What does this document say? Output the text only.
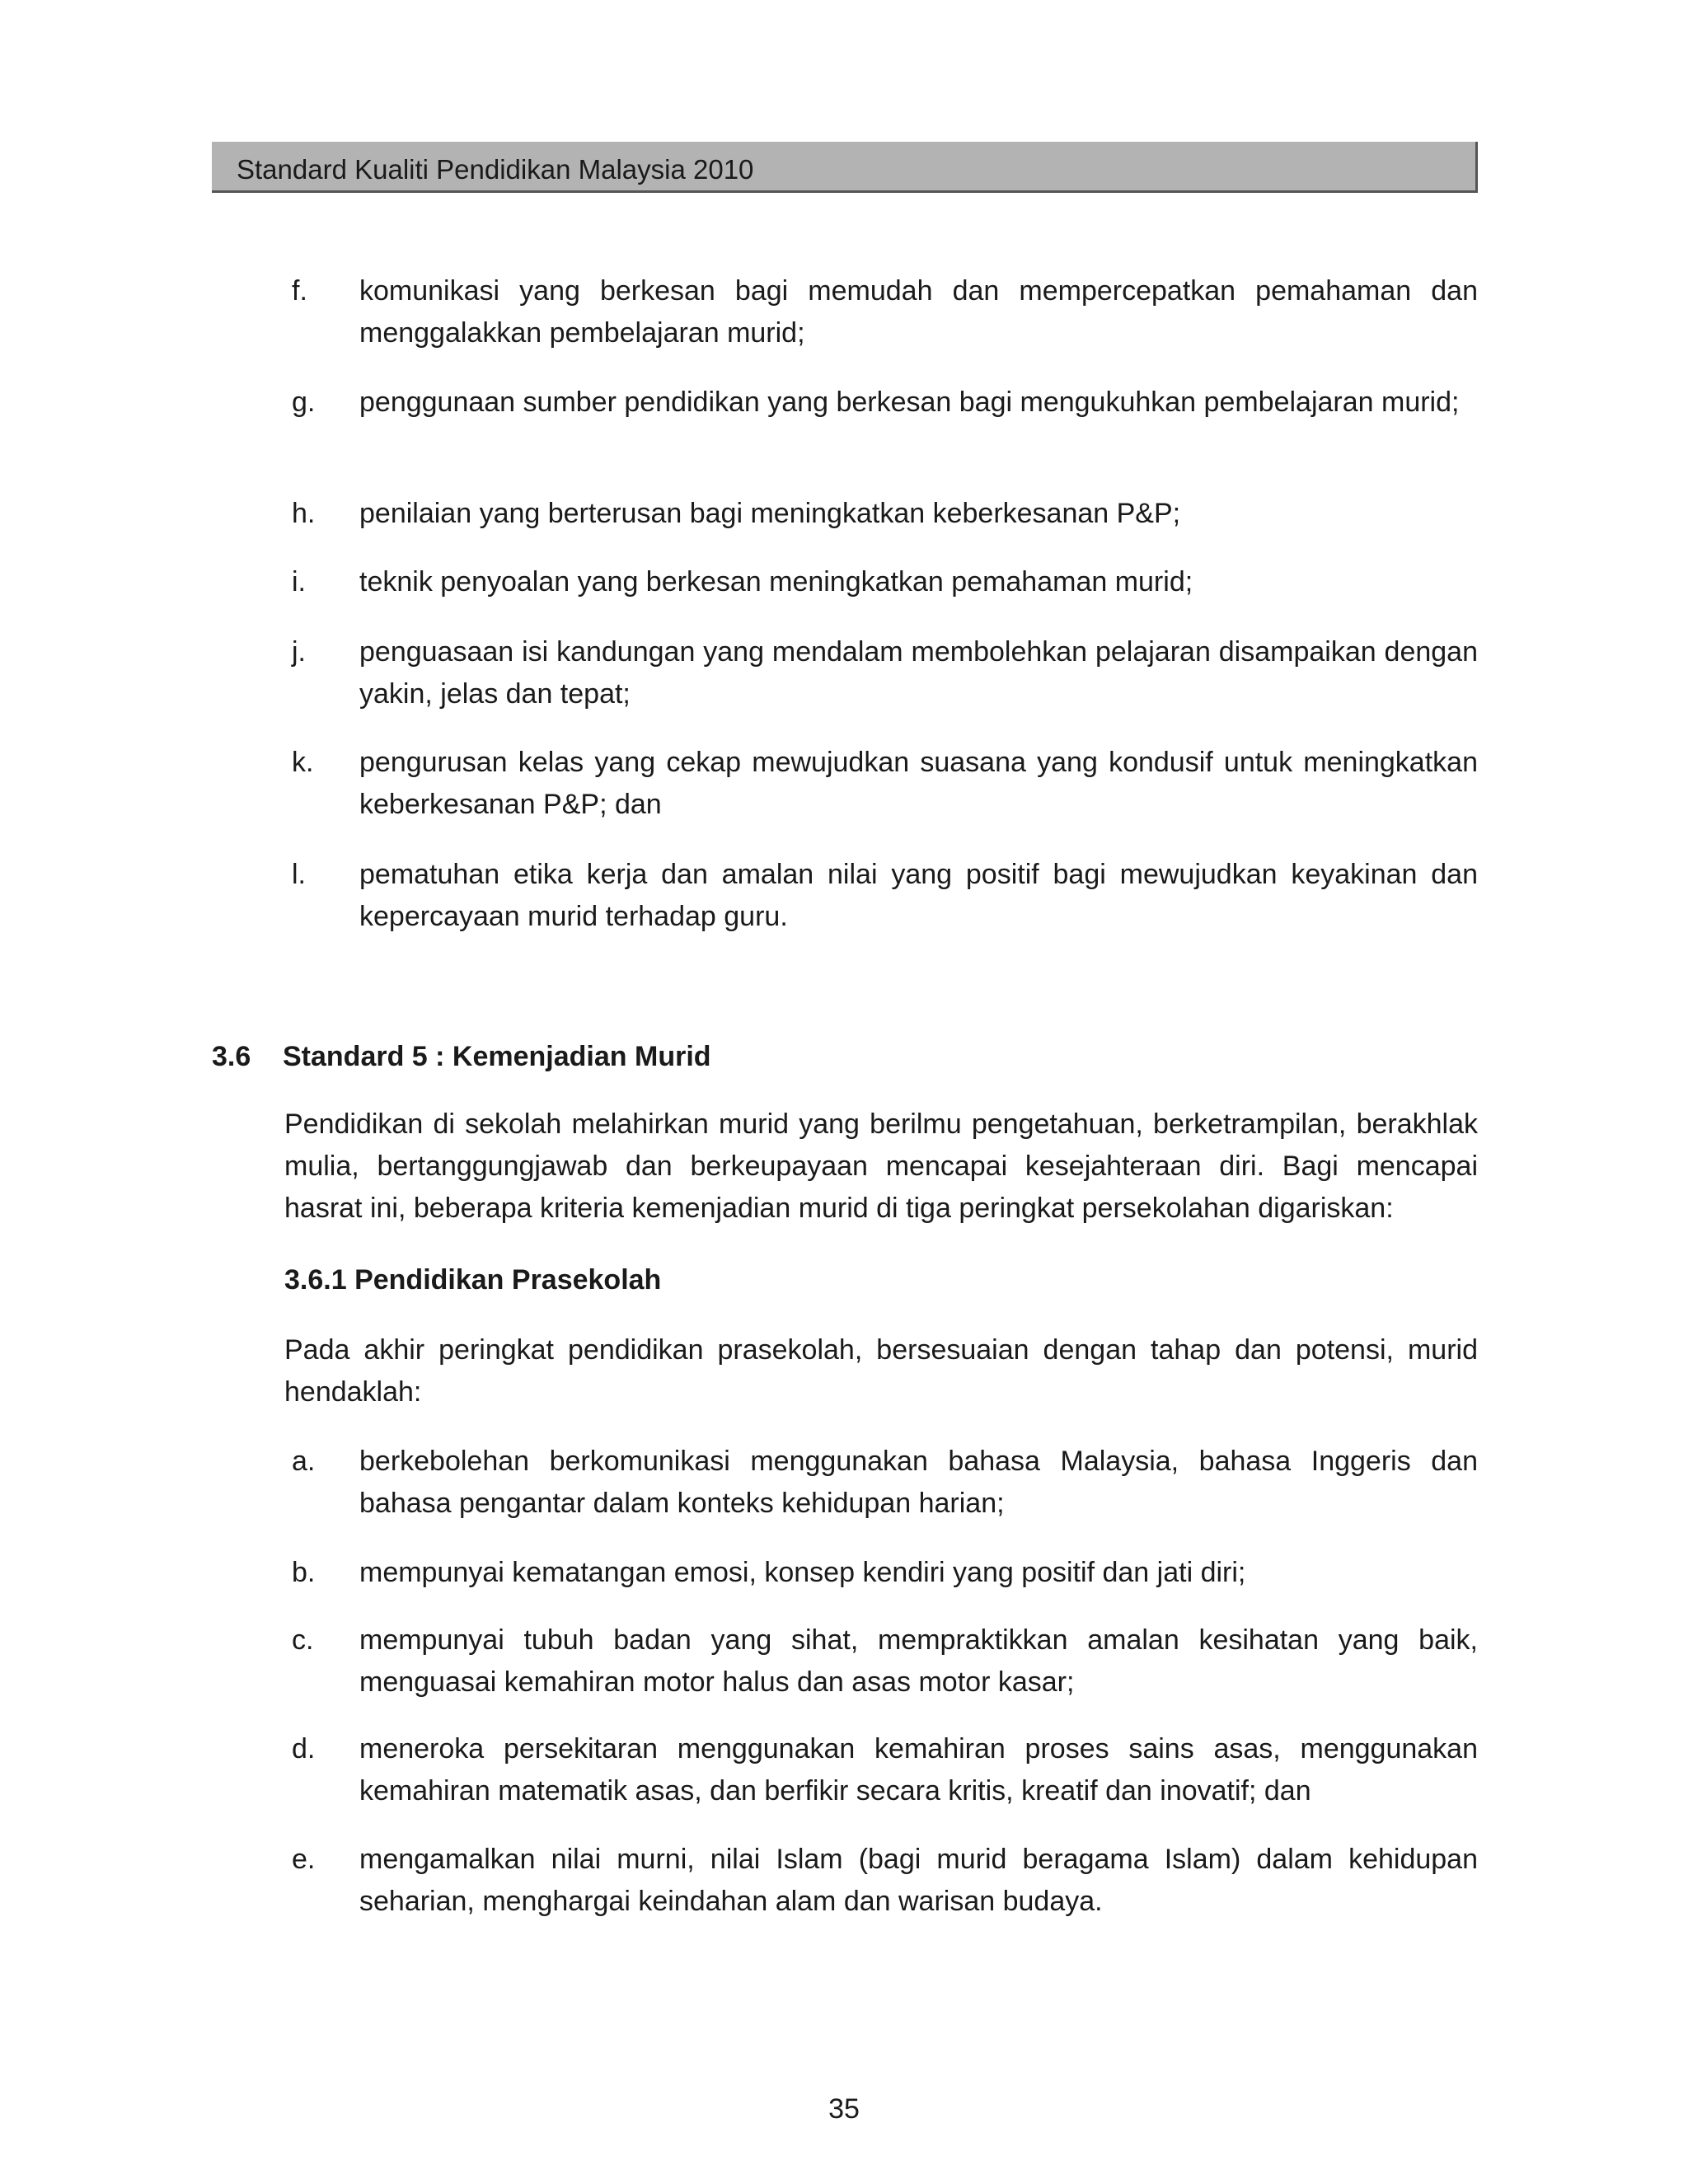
Standard Kualiti Pendidikan Malaysia 2010
f. komunikasi yang berkesan bagi memudah dan mempercepatkan pemahaman dan menggalakkan pembelajaran murid;
g. penggunaan sumber pendidikan yang berkesan bagi mengukuhkan pembelajaran murid;
h. penilaian yang berterusan bagi meningkatkan keberkesanan P&P;
i. teknik penyoalan yang berkesan meningkatkan pemahaman murid;
j. penguasaan isi kandungan yang mendalam membolehkan pelajaran disampaikan dengan yakin, jelas dan tepat;
k. pengurusan kelas yang cekap mewujudkan suasana yang kondusif untuk meningkatkan keberkesanan P&P; dan
l. pematuhan etika kerja dan amalan nilai yang positif bagi mewujudkan keyakinan dan kepercayaan murid terhadap guru.
3.6 Standard 5 : Kemenjadian Murid
Pendidikan di sekolah melahirkan murid yang berilmu pengetahuan, berketrampilan, berakhlak mulia, bertanggungjawab dan berkeupayaan mencapai kesejahteraan diri. Bagi mencapai hasrat ini, beberapa kriteria kemenjadian murid di tiga peringkat persekolahan digariskan:
3.6.1 Pendidikan Prasekolah
Pada akhir peringkat pendidikan prasekolah, bersesuaian dengan tahap dan potensi, murid hendaklah:
a. berkebolehan berkomunikasi menggunakan bahasa Malaysia, bahasa Inggeris dan bahasa pengantar dalam konteks kehidupan harian;
b. mempunyai kematangan emosi, konsep kendiri yang positif dan jati diri;
c. mempunyai tubuh badan yang sihat, mempraktikkan amalan kesihatan yang baik, menguasai kemahiran motor halus dan asas motor kasar;
d. meneroka persekitaran menggunakan kemahiran proses sains asas, menggunakan kemahiran matematik asas, dan berfikir secara kritis, kreatif dan inovatif; dan
e. mengamalkan nilai murni, nilai Islam (bagi murid beragama Islam) dalam kehidupan seharian, menghargai keindahan alam dan warisan budaya.
35
